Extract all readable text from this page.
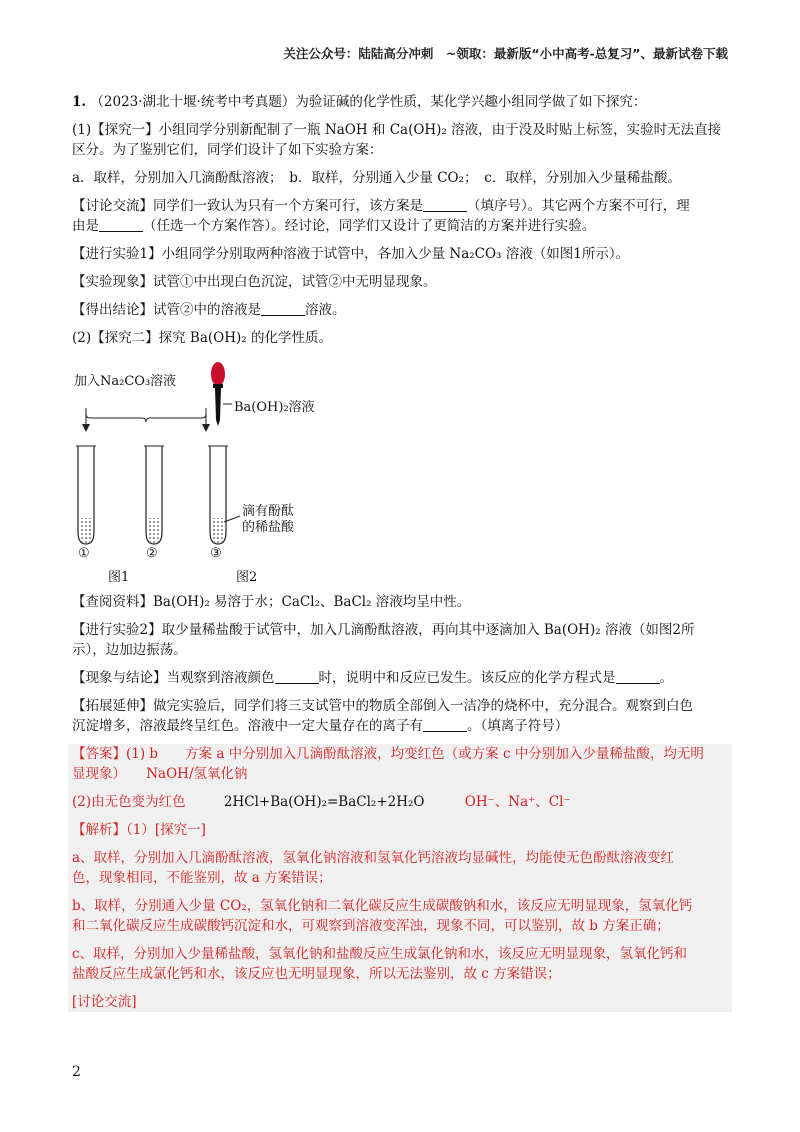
关注公众号：陆陆高分冲刺　~领取：最新版“小中高考-总复习”、最新试卷下载
1. （2023·湖北十堰·统考中考真题）为验证碱的化学性质，某化学兴趣小组同学做了如下探究：
(1)【探究一】小组同学分别新配制了一瓶 NaOH 和 Ca(OH)₂ 溶液，由于没及时贴上标签，实验时无法直接
区分。为了鉴别它们，同学们设计了如下实验方案：
a．取样，分别加入几滴酚酞溶液；　b．取样，分别通入少量 CO₂；　c．取样，分别加入少量稀盐酸。
【讨论交流】同学们一致认为只有一个方案可行，该方案是	（填序号）。其它两个方案不可行，理
由是	（任选一个方案作答）。经讨论，同学们又设计了更简洁的方案并进行实验。
【进行实验1】小组同学分别取两种溶液于试管中，各加入少量 Na₂CO₃ 溶液（如图1所示）。
【实验现象】试管①中出现白色沉淀，试管②中无明显现象。
【得出结论】试管②中的溶液是	溶液。
(2)【探究二】探究 Ba(OH)₂ 的化学性质。
加入Na₂CO₃溶液
Ba(OH)₂溶液
滴有酚酞
的稀盐酸
①	②	③
图1	图2
【查阅资料】Ba(OH)₂ 易溶于水；CaCl₂、BaCl₂ 溶液均呈中性。
【进行实验2】取少量稀盐酸于试管中，加入几滴酚酞溶液，再向其中逐滴加入 Ba(OH)₂ 溶液（如图2所
示），边加边振荡。
【现象与结论】当观察到溶液颜色	时，说明中和反应已发生。该反应的化学方程式是	。
【拓展延伸】做完实验后，同学们将三支试管中的物质全部倒入一洁净的烧杯中，充分混合。观察到白色
沉淀增多，溶液最终呈红色。溶液中一定大量存在的离子有	。（填离子符号）
【答案】(1) b　　方案 a 中分别加入几滴酚酞溶液，均变红色（或方案 c 中分别加入少量稀盐酸，均无明
显现象）　　NaOH/氢氧化钠
(2)由无色变为红色	2HCl+Ba(OH)₂=BaCl₂+2H₂O	OH⁻、Na⁺、Cl⁻
【解析】（1）[探究一]
a、取样，分别加入几滴酚酞溶液，氢氧化钠溶液和氢氧化钙溶液均显碱性，均能使无色酚酞溶液变红
色，现象相同，不能鉴别，故 a 方案错误；
b、取样，分别通入少量 CO₂，氢氧化钠和二氧化碳反应生成碳酸钠和水，该反应无明显现象，氢氧化钙
和二氧化碳反应生成碳酸钙沉淀和水，可观察到溶液变浑浊，现象不同，可以鉴别，故 b 方案正确；
c、取样，分别加入少量稀盐酸，氢氧化钠和盐酸反应生成氯化钠和水，该反应无明显现象，氢氧化钙和
盐酸反应生成氯化钙和水，该反应也无明显现象，所以无法鉴别，故 c 方案错误；
[讨论交流]
2
